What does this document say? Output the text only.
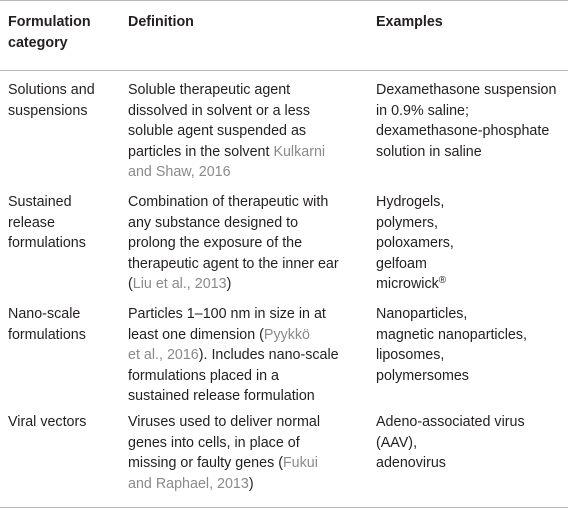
Formulation
category
Definition	Examples
Solutions and
suspensions
Soluble therapeutic agent
dissolved in solvent or a less
soluble agent suspended as
particles in the solvent Kulkarni
and Shaw, 2016
Dexamethasone suspension
in 0.9% saline;
dexamethasone-phosphate
solution in saline
Sustained
release
formulations
Combination of therapeutic with
any substance designed to
prolong the exposure of the
therapeutic agent to the inner ear
(Liu et al., 2013)
Hydrogels,
polymers,
poloxamers,
gelfoam
microwick®
Nano-scale
formulations
Particles 1–100 nm in size in at
least one dimension (Pyykkö
et al., 2016). Includes nano-scale
formulations placed in a
sustained release formulation
Nanoparticles,
magnetic nanoparticles,
liposomes,
polymersomes
Viral vectors	Viruses used to deliver normal
genes into cells, in place of
missing or faulty genes (Fukui
and Raphael, 2013)
Adeno-associated virus
(AAV),
adenovirus
